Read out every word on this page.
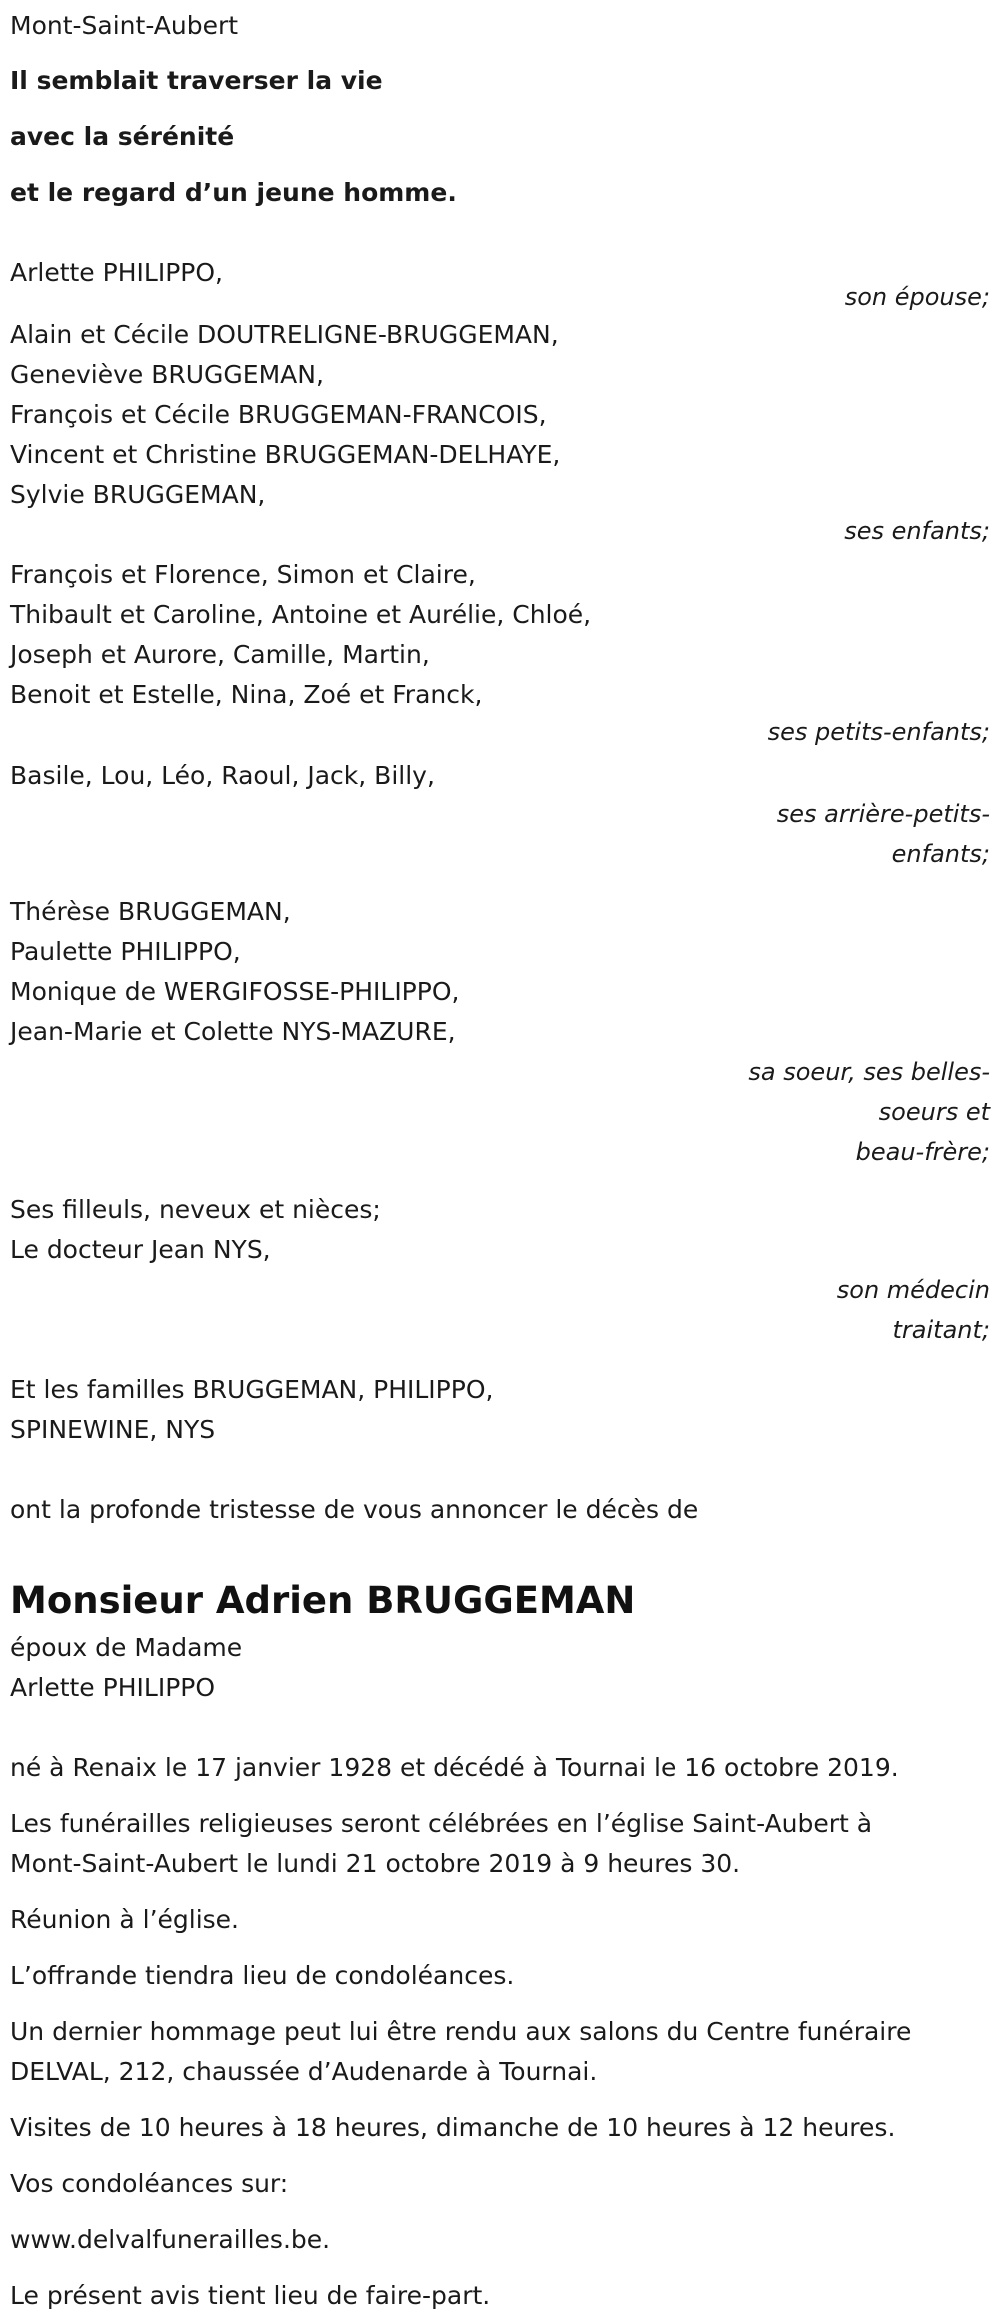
Mont-Saint-Aubert
Il semblait traverser la vie
avec la sérénité
et le regard d’un jeune homme.
Arlette PHILIPPO,
son épouse;
Alain et Cécile DOUTRELIGNE-BRUGGEMAN,
Geneviève BRUGGEMAN,
François et Cécile BRUGGEMAN-FRANCOIS,
Vincent et Christine BRUGGEMAN-DELHAYE,
Sylvie BRUGGEMAN,
ses enfants;
François et Florence, Simon et Claire,
Thibault et Caroline, Antoine et Aurélie, Chloé,
Joseph et Aurore, Camille, Martin,
Benoit et Estelle, Nina, Zoé et Franck,
ses petits-enfants;
Basile, Lou, Léo, Raoul, Jack, Billy,
ses arrière-petits-
enfants;
Thérèse BRUGGEMAN,
Paulette PHILIPPO,
Monique de WERGIFOSSE-PHILIPPO,
Jean-Marie et Colette NYS-MAZURE,
sa soeur, ses belles-
soeurs et
beau-frère;
Ses filleuls, neveux et nièces;
Le docteur Jean NYS,
son médecin
traitant;
Et les familles BRUGGEMAN, PHILIPPO,
SPINEWINE, NYS
ont la profonde tristesse de vous annoncer le décès de
Monsieur Adrien BRUGGEMAN
époux de Madame
Arlette PHILIPPO
né à Renaix le 17 janvier 1928 et décédé à Tournai le 16 octobre 2019.
Les funérailles religieuses seront célébrées en l’église Saint-Aubert à
Mont-Saint-Aubert le lundi 21 octobre 2019 à 9 heures 30.
Réunion à l’église.
L’offrande tiendra lieu de condoléances.
Un dernier hommage peut lui être rendu aux salons du Centre funéraire
DELVAL, 212, chaussée d’Audenarde à Tournai.
Visites de 10 heures à 18 heures, dimanche de 10 heures à 12 heures.
Vos condoléances sur:
www.delvalfunerailles.be.
Le présent avis tient lieu de faire-part.
